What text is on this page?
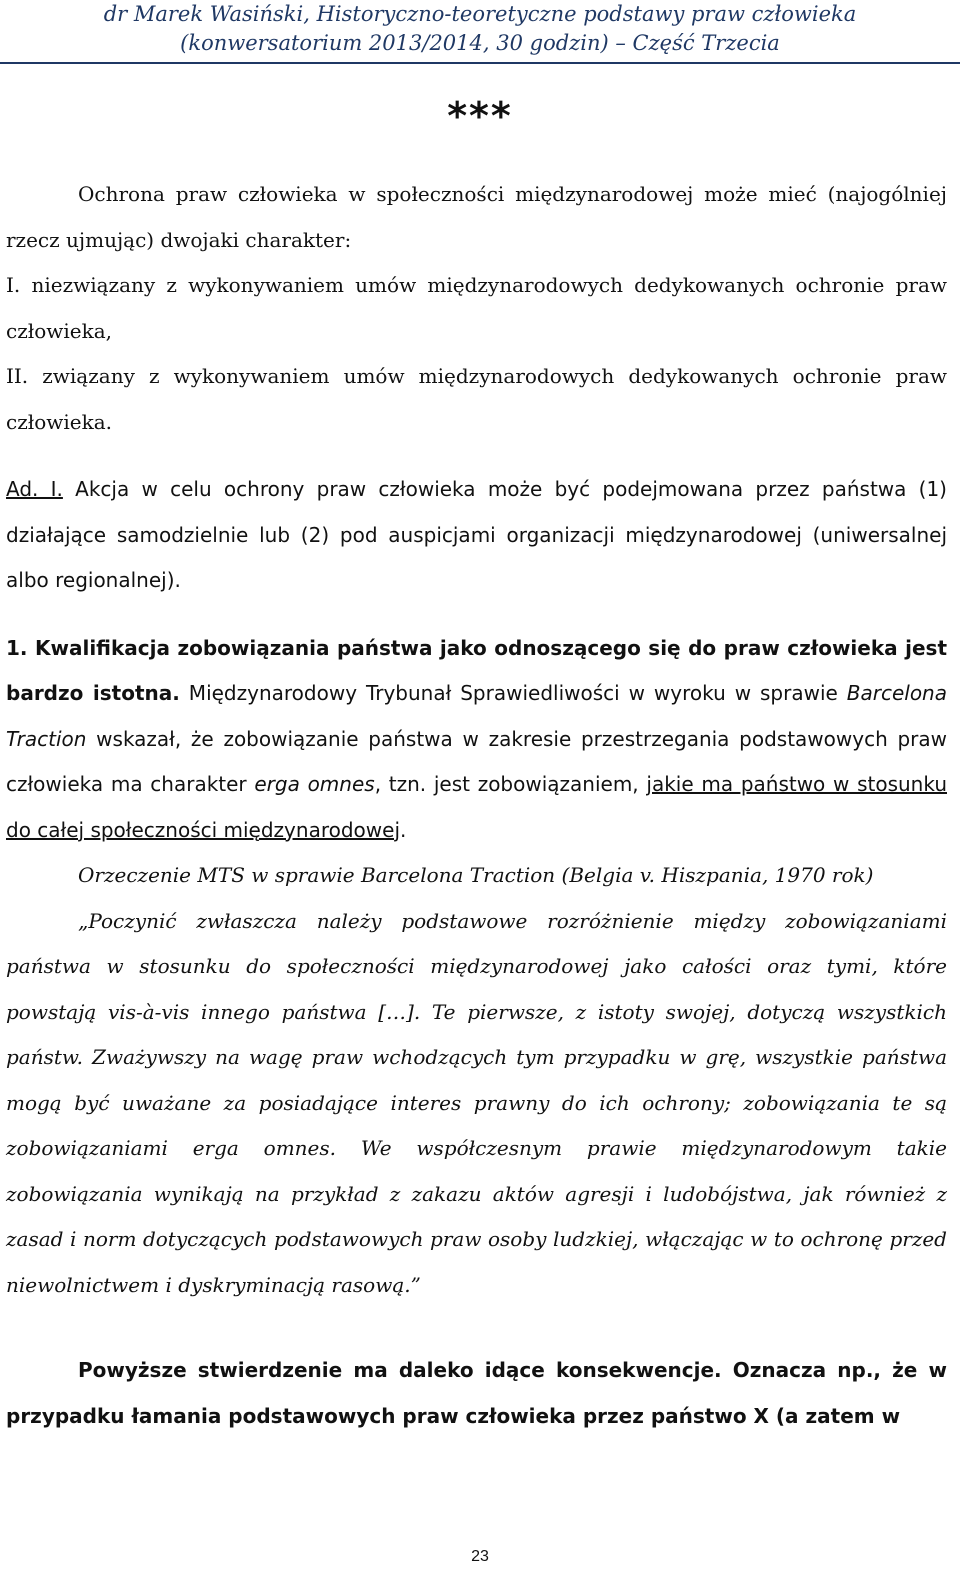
dr Marek Wasiński, Historyczno-teoretyczne podstawy praw człowieka
(konwersatorium 2013/2014, 30 godzin) – Część Trzecia
***

Ochrona praw człowieka w społeczności międzynarodowej może mieć (najogólniej rzecz ujmując) dwojaki charakter:

I. niezwiązany z wykonywaniem umów międzynarodowych dedykowanych ochronie praw człowieka,

II. związany z wykonywaniem umów międzynarodowych dedykowanych ochronie praw człowieka.

Ad. I. Akcja w celu ochrony praw człowieka może być podejmowana przez państwa (1) działające samodzielnie lub (2) pod auspicjami organizacji międzynarodowej (uniwersalnej albo regionalnej).

1. Kwalifikacja zobowiązania państwa jako odnoszącego się do praw człowieka jest bardzo istotna. Międzynarodowy Trybunał Sprawiedliwości w wyroku w sprawie Barcelona Traction wskazał, że zobowiązanie państwa w zakresie przestrzegania podstawowych praw człowieka ma charakter erga omnes, tzn. jest zobowiązaniem, jakie ma państwo w stosunku do całej społeczności międzynarodowej.

Orzeczenie MTS w sprawie Barcelona Traction (Belgia v. Hiszpania, 1970 rok)

„Poczynić zwłaszcza należy podstawowe rozróżnienie między zobowiązaniami państwa w stosunku do społeczności międzynarodowej jako całości oraz tymi, które powstają vis-à-vis innego państwa […]. Te pierwsze, z istoty swojej, dotyczą wszystkich państw. Zważywszy na wagę praw wchodzących tym przypadku w grę, wszystkie państwa mogą być uważane za posiadające interes prawny do ich ochrony; zobowiązania te są zobowiązaniami erga omnes. We współczesnym prawie międzynarodowym takie zobowiązania wynikają na przykład z zakazu aktów agresji i ludobójstwa, jak również z zasad i norm dotyczących podstawowych praw osoby ludzkiej, włączając w to ochronę przed niewolnictwem i dyskryminacją rasową.”

Powyższe stwierdzenie ma daleko idące konsekwencje. Oznacza np., że w przypadku łamania podstawowych praw człowieka przez państwo X (a zatem w

23
